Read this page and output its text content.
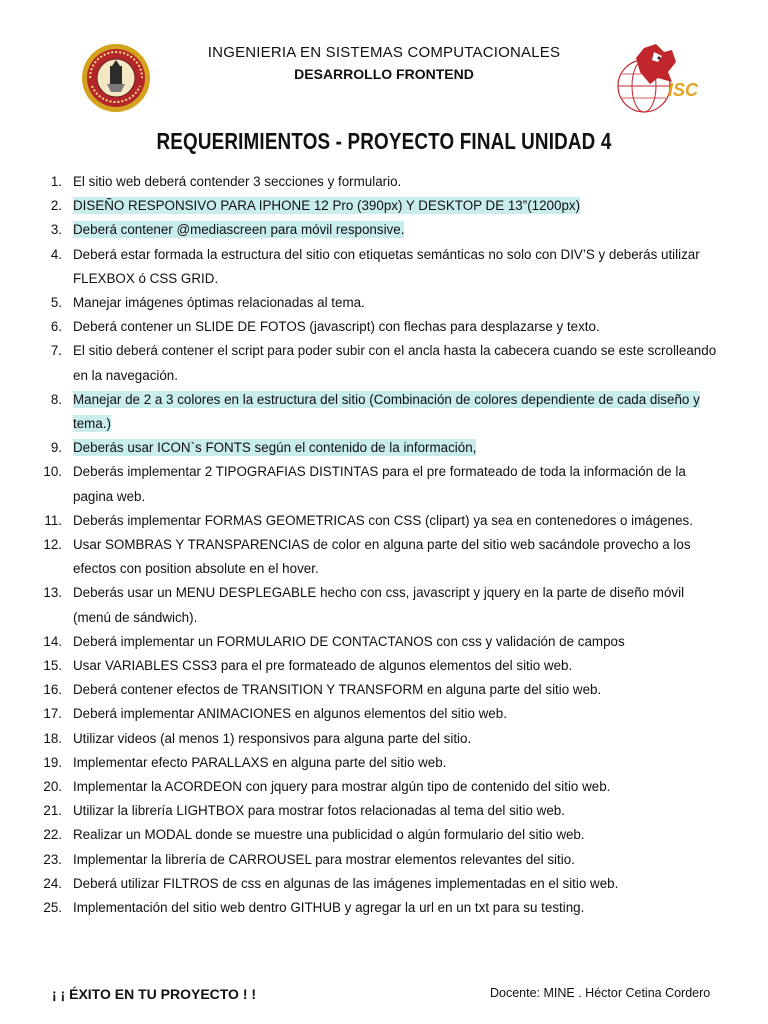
INGENIERIA EN SISTEMAS COMPUTACIONALES
DESARROLLO FRONTEND
ISC
REQUERIMIENTOS - PROYECTO FINAL UNIDAD 4
1. El sitio web deberá contender 3 secciones y formulario.
2. DISEÑO RESPONSIVO PARA IPHONE 12 Pro (390px) Y DESKTOP DE 13”(1200px)
3. Deberá contener @mediascreen para móvil responsive.
4. Deberá estar formada la estructura del sitio con etiquetas semánticas no solo con DIV’S y deberás utilizar FLEXBOX ó CSS GRID.
5. Manejar imágenes óptimas relacionadas al tema.
6. Deberá contener un SLIDE DE FOTOS (javascript) con flechas para desplazarse y texto.
7. El sitio deberá contener el script para poder subir con el ancla hasta la cabecera cuando se este scrolleando en la navegación.
8. Manejar de 2 a 3 colores en la estructura del sitio (Combinación de colores dependiente de cada diseño y tema.)
9. Deberás usar ICON`s FONTS según el contenido de la información,
10. Deberás implementar 2 TIPOGRAFIAS DISTINTAS para el pre formateado de toda la información de la pagina web.
11. Deberás implementar FORMAS GEOMETRICAS con CSS (clipart) ya sea en contenedores o imágenes.
12. Usar SOMBRAS Y TRANSPARENCIAS de color en alguna parte del sitio web sacándole provecho a los efectos con position absolute en el hover.
13. Deberás usar un MENU DESPLEGABLE hecho con css, javascript y jquery en la parte de diseño móvil (menú de sándwich).
14. Deberá implementar un FORMULARIO DE CONTACTANOS con css y validación de campos
15. Usar VARIABLES CSS3 para el pre formateado de algunos elementos del sitio web.
16. Deberá contener efectos de TRANSITION Y TRANSFORM en alguna parte del sitio web.
17. Deberá implementar ANIMACIONES en algunos elementos del sitio web.
18. Utilizar videos (al menos 1) responsivos para alguna parte del sitio.
19. Implementar efecto PARALLAXS en alguna parte del sitio web.
20. Implementar la ACORDEON con jquery para mostrar algún tipo de contenido del sitio web.
21. Utilizar la librería LIGHTBOX para mostrar fotos relacionadas al tema del sitio web.
22. Realizar un MODAL donde se muestre una publicidad o algún formulario del sitio web.
23. Implementar la librería de CARROUSEL para mostrar elementos relevantes del sitio.
24. Deberá utilizar FILTROS de css en algunas de las imágenes implementadas en el sitio web.
25. Implementación del sitio web dentro GITHUB y agregar la url en un txt para su testing.
¡ ¡ ÉXITO EN TU PROYECTO ! !	Docente: MINE . Héctor Cetina Cordero
